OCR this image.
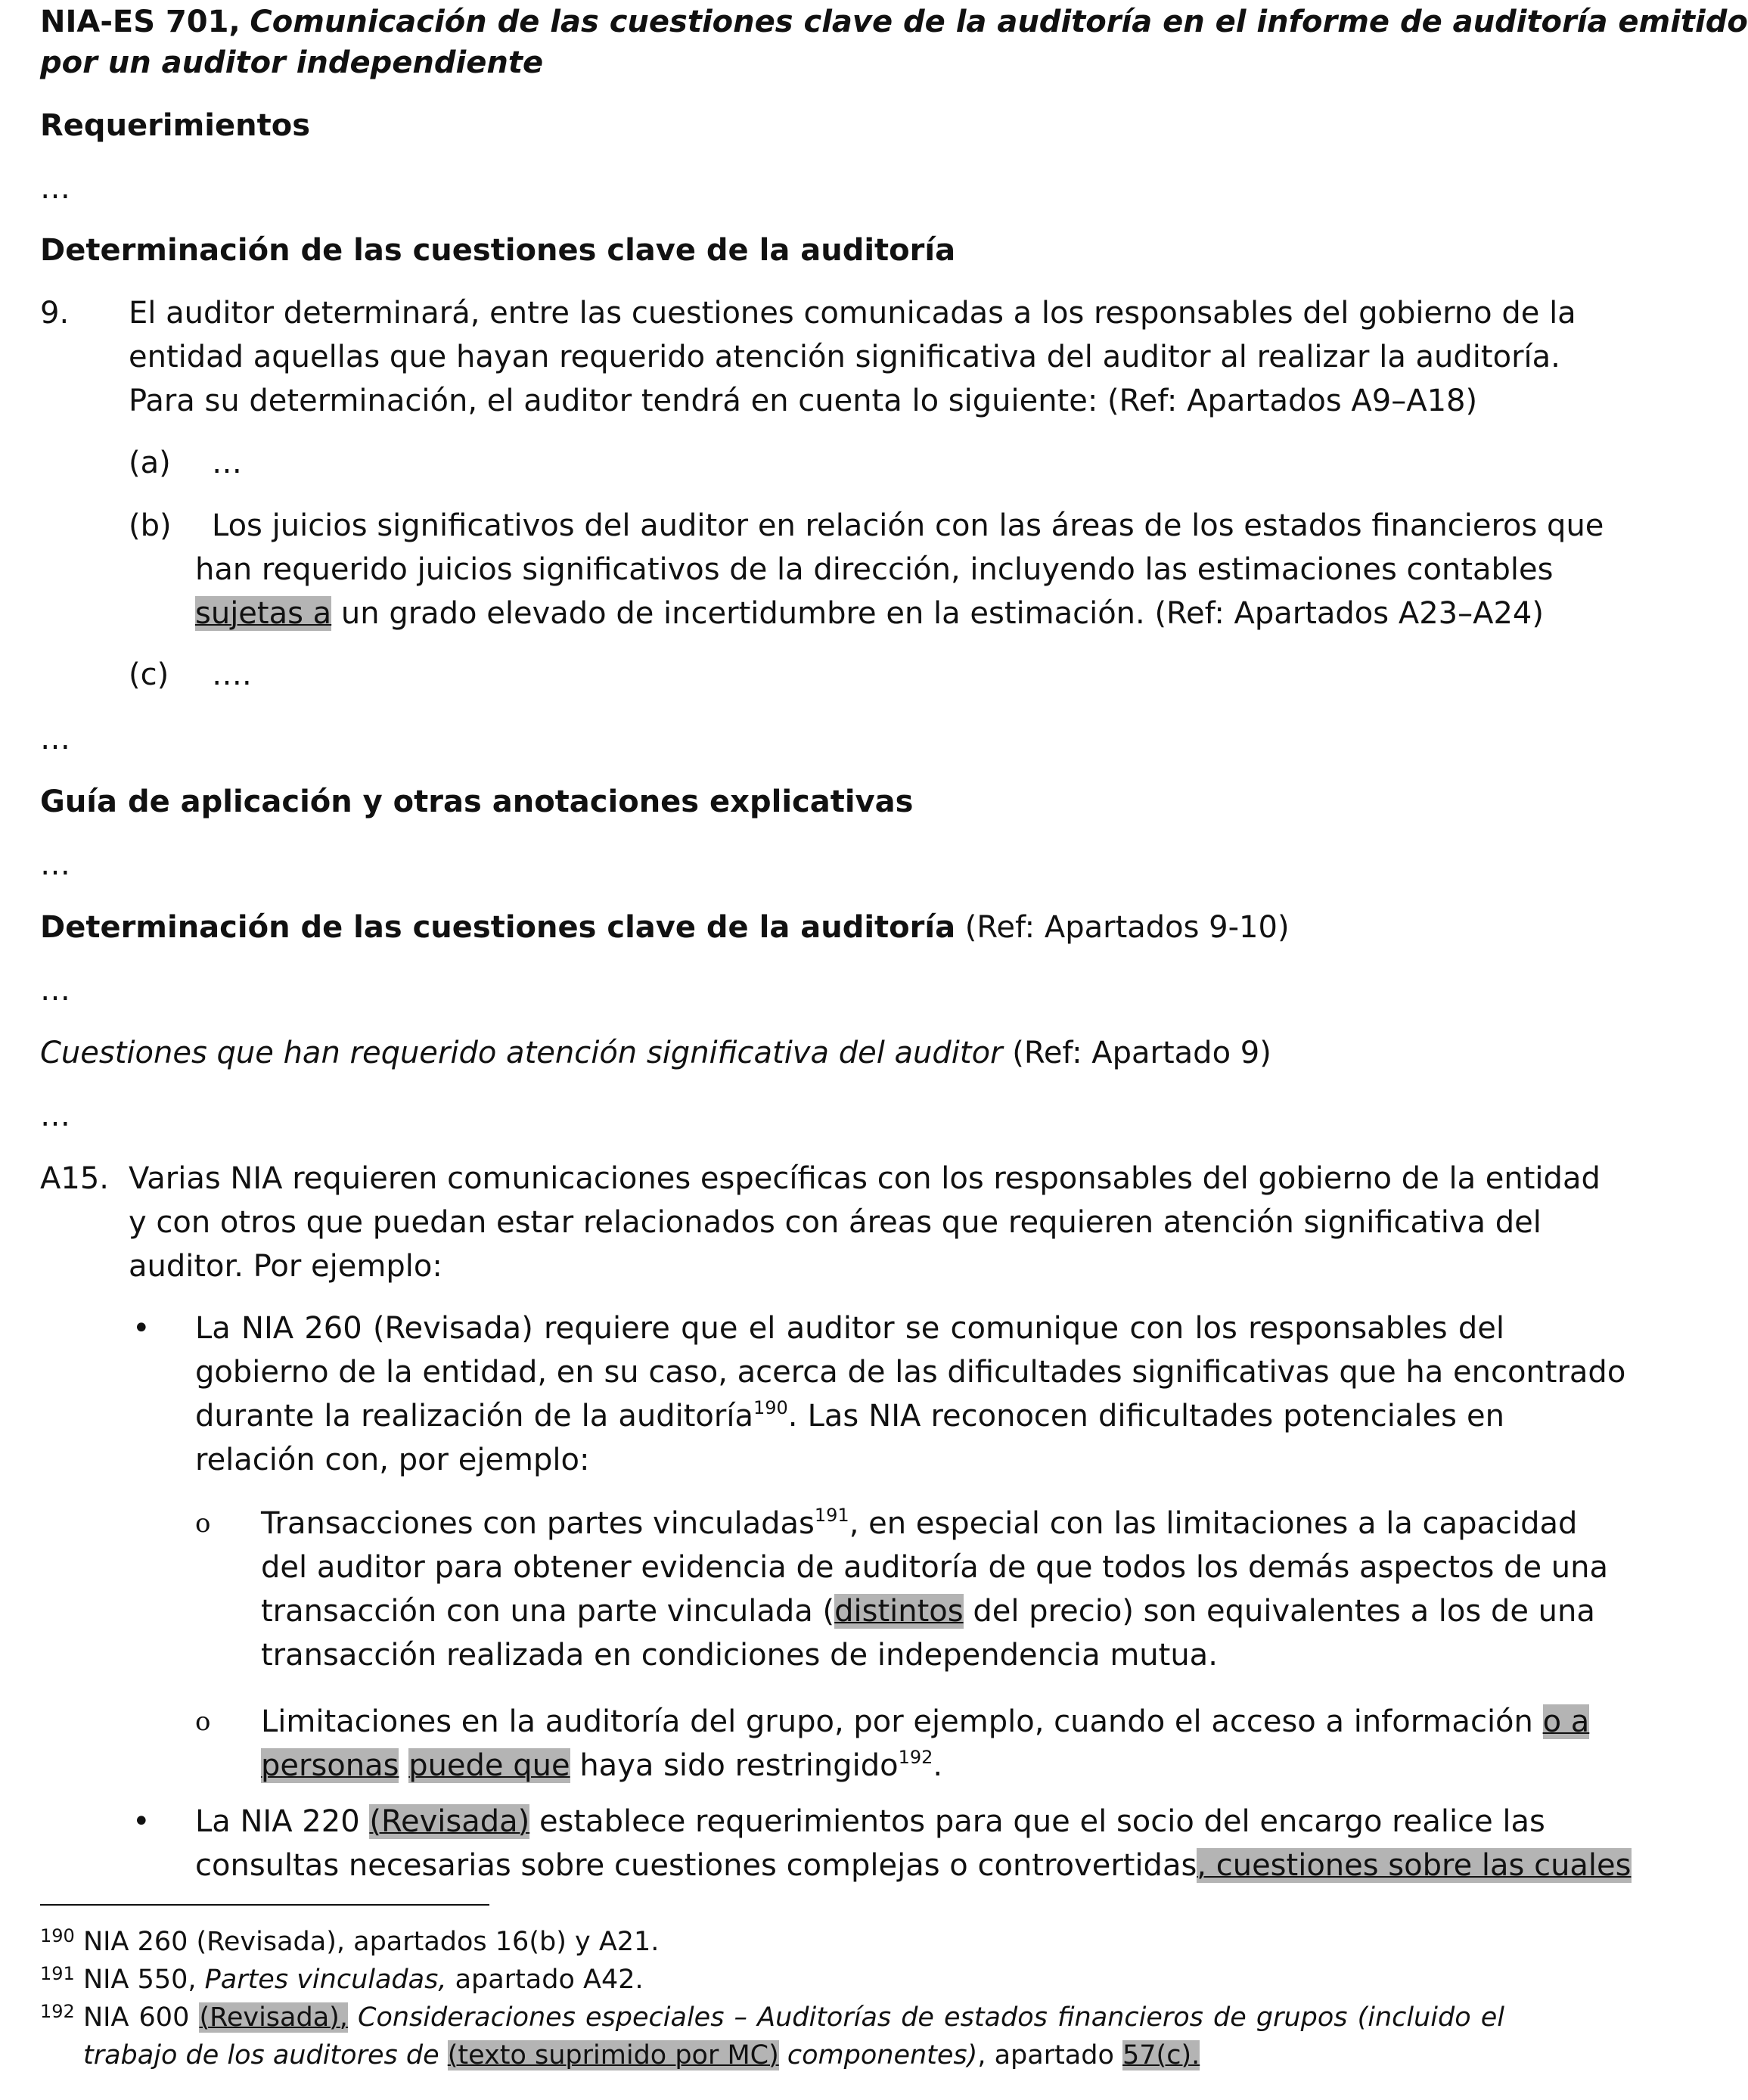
NIA-ES 701, Comunicación de las cuestiones clave de la auditoría en el informe de auditoría emitido
por un auditor independiente
Requerimientos
…
Determinación de las cuestiones clave de la auditoría
9. El auditor determinará, entre las cuestiones comunicadas a los responsables del gobierno de la
entidad aquellas que hayan requerido atención significativa del auditor al realizar la auditoría.
Para su determinación, el auditor tendrá en cuenta lo siguiente: (Ref: Apartados A9–A18)
(a) …
(b)	Los juicios significativos del auditor en relación con las áreas de los estados financieros que
han requerido juicios significativos de la dirección, incluyendo las estimaciones contables
sujetas a un grado elevado de incertidumbre en la estimación. (Ref: Apartados A23–A24)
(c) ….
…
Guía de aplicación y otras anotaciones explicativas
…
Determinación de las cuestiones clave de la auditoría (Ref: Apartados 9-10)
…
Cuestiones que han requerido atención significativa del auditor (Ref: Apartado 9)
…
A15. Varias NIA requieren comunicaciones específicas con los responsables del gobierno de la entidad
y con otros que puedan estar relacionados con áreas que requieren atención significativa del
auditor. Por ejemplo:
• La NIA 260 (Revisada) requiere que el auditor se comunique con los responsables del
gobierno de la entidad, en su caso, acerca de las dificultades significativas que ha encontrado
durante la realización de la auditoría$^{190}$. Las NIA reconocen dificultades potenciales en
relación con, por ejemplo:
o Transacciones con partes vinculadas$^{191}$, en especial con las limitaciones a la capacidad
del auditor para obtener evidencia de auditoría de que todos los demás aspectos de una
transacción con una parte vinculada (distintos del precio) son equivalentes a los de una
transacción realizada en condiciones de independencia mutua.
o Limitaciones en la auditoría del grupo, por ejemplo, cuando el acceso a información o a
personas puede que haya sido restringido$^{192}$.
• La NIA 220 (Revisada) establece requerimientos para que el socio del encargo realice las
consultas necesarias sobre cuestiones complejas o controvertidas, cuestiones sobre las cuales
190 NIA 260 (Revisada), apartados 16(b) y A21.
191 NIA 550, Partes vinculadas, apartado A42.
192 NIA 600 (Revisada), Consideraciones especiales – Auditorías de estados financieros de grupos (incluido el
trabajo de los auditores de (texto suprimido por MC) componentes), apartado 57(c).
